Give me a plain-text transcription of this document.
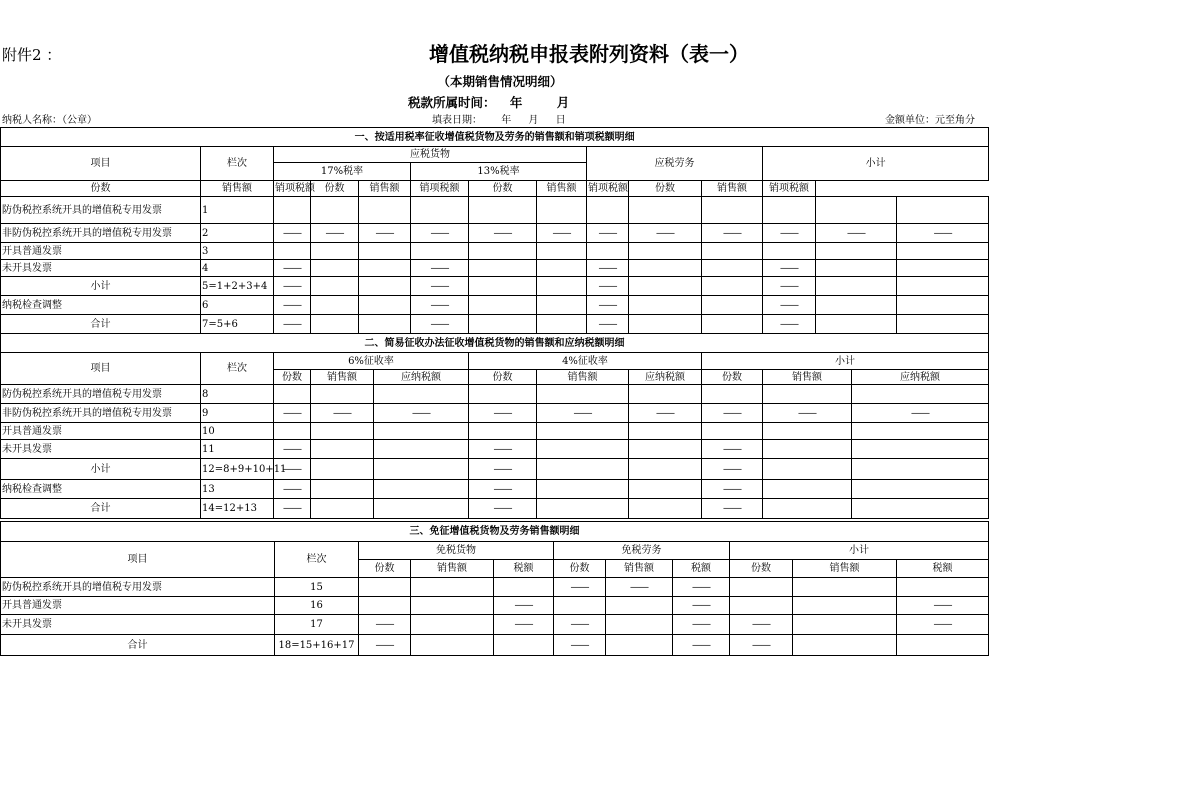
附件2 ：	增值税纳税申报表附列资料（表一）
（本期销售情况明细）
税款所属时间： 年	月
纳税人名称：（公章）	填表日期： 年 月 日	金额单位：元至角分
一、按适用税率征收增值税货物及劳务的销售额和销项税额明细													
项目	栏次	应税货物						应税劳务			小计		
		17%税率			13%税率								
份数	销售额	销项税额	份数	销售额	销项税额	份数	销售额	销项税额	份数	销售额	销项税额		
防伪税控系统开具的增值税专用发票	1												
非防伪税控系统开具的增值税专用发票	2	——	——	——	——	——	——	——	——	——	——	——	——
开具普通发票	3												
未开具发票	4	——			——			——			——		
小计	5=1+2+3+4	——			——			——			——		
纳税检查调整	6	——			——			——			——		
合计	7=5+6	——			——			——			——		
二、简易征收办法征收增值税货物的销售额和应纳税额明细										
项目	栏次	6%征收率			4%征收率			小计		
		份数	销售额	应纳税额	份数	销售额	应纳税额	份数	销售额	应纳税额
防伪税控系统开具的增值税专用发票	8									
非防伪税控系统开具的增值税专用发票	9	——	——	——	——	——	——	——	——	——
开具普通发票	10									
未开具发票	11	——			——			——		
小计	12=8+9+10+11	——			——			——		
纳税检查调整	13	——			——			——		
合计	14=12+13	——			——			——		
三、免征增值税货物及劳务销售额明细										
项目	栏次	免税货物			免税劳务			小计		
		份数	销售额	税额	份数	销售额	税额	份数	销售额	税额
防伪税控系统开具的增值税专用发票	15				——	——	——			
开具普通发票	16			——			——			——
未开具发票	17	——		——	——		——	——		——
合计	18=15+16+17	——			——		——	——		
